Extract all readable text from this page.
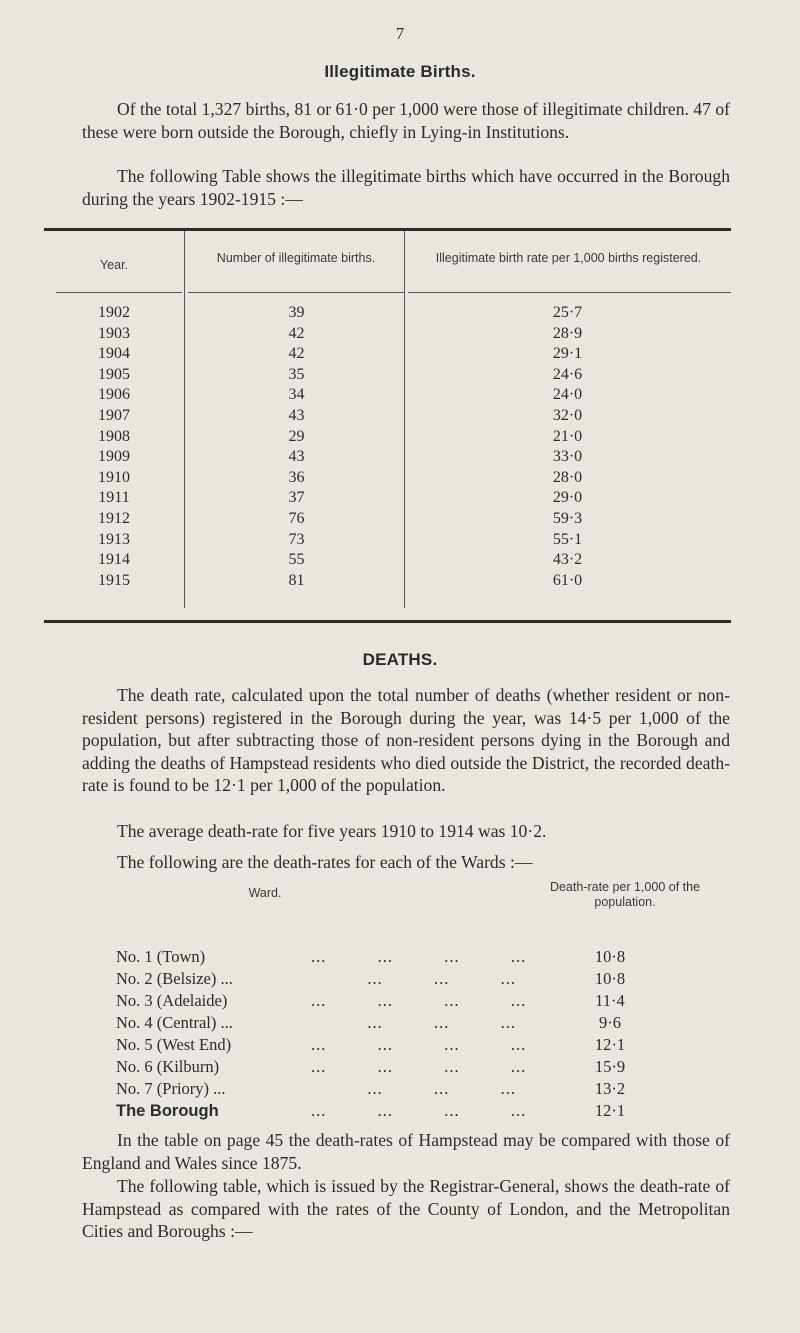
7
Illegitimate Births.
Of the total 1,327 births, 81 or 61·0 per 1,000 were those of illegitimate children. 47 of these were born outside the Borough, chiefly in Lying-in Institutions.
The following Table shows the illegitimate births which have occurred in the Borough during the years 1902-1915 :—
Year.	Number of illegitimate births.	Illegitimate birth rate per 1,000 births registered.
1902	39	25·7
1903	42	28·9
1904	42	29·1
1905	35	24·6
1906	34	24·0
1907	43	32·0
1908	29	21·0
1909	43	33·0
1910	36	28·0
1911	37	29·0
1912	76	59·3
1913	73	55·1
1914	55	43·2
1915	81	61·0
DEATHS.
The death rate, calculated upon the total number of deaths (whether resident or non-resident persons) registered in the Borough during the year, was 14·5 per 1,000 of the population, but after subtracting those of non-resident persons dying in the Borough and adding the deaths of Hampstead residents who died outside the District, the recorded death-rate is found to be 12·1 per 1,000 of the population.
The average death-rate for five years 1910 to 1914 was 10·2.
The following are the death-rates for each of the Wards :—
Ward.	Death-rate per 1,000 of the population.
No. 1 (Town)	...          ...          ...          ...	10·8
No. 2 (Belsize) ...	...          ...          ...	10·8
No. 3 (Adelaide)	...          ...          ...          ...	11·4
No. 4 (Central) ...	...          ...          ...	9·6
No. 5 (West End)	...          ...          ...          ...	12·1
No. 6 (Kilburn)	...          ...          ...          ...	15·9
No. 7 (Priory) ...	...          ...          ...	13·2
The Borough	...          ...          ...          ...	12·1
In the table on page 45 the death-rates of Hampstead may be compared with those of England and Wales since 1875.
The following table, which is issued by the Registrar-General, shows the death-rate of Hampstead as compared with the rates of the County of London, and the Metropolitan Cities and Boroughs :—
